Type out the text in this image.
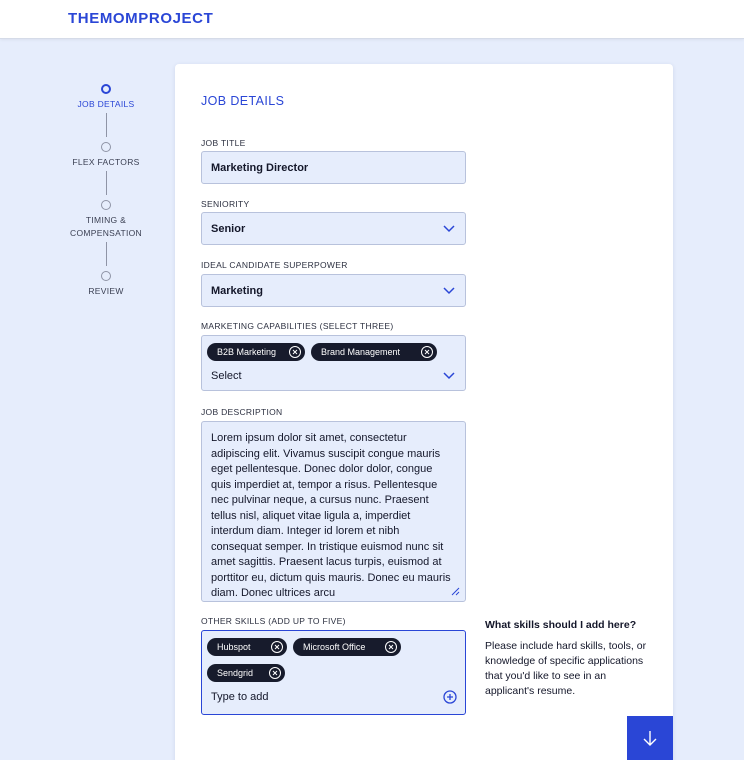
THEMOMPROJECT
JOB DETAILS
FLEX FACTORS
TIMING &
COMPENSATION
REVIEW
JOB DETAILS
JOB TITLE
Marketing Director
SENIORITY
Senior
IDEAL CANDIDATE SUPERPOWER
Marketing
MARKETING CAPABILITIES (SELECT THREE)
B2B Marketing	Brand Management
Select
JOB DESCRIPTION
Lorem ipsum dolor sit amet, consectetur adipiscing elit. Vivamus suscipit congue mauris eget pellentesque. Donec dolor dolor, congue quis imperdiet at, tempor a risus. Pellentesque nec pulvinar neque, a cursus nunc. Praesent tellus nisl, aliquet vitae ligula a, imperdiet interdum diam. Integer id lorem et nibh consequat semper. In tristique euismod nunc sit amet sagittis. Praesent lacus turpis, euismod at porttitor eu, dictum quis mauris. Donec eu mauris diam. Donec ultrices arcu
OTHER SKILLS (ADD UP TO FIVE)
Hubspot	Microsoft Office
Sendgrid
Type to add
What skills should I add here?
Please include hard skills, tools, or knowledge of specific applications that you'd like to see in an applicant's resume.
